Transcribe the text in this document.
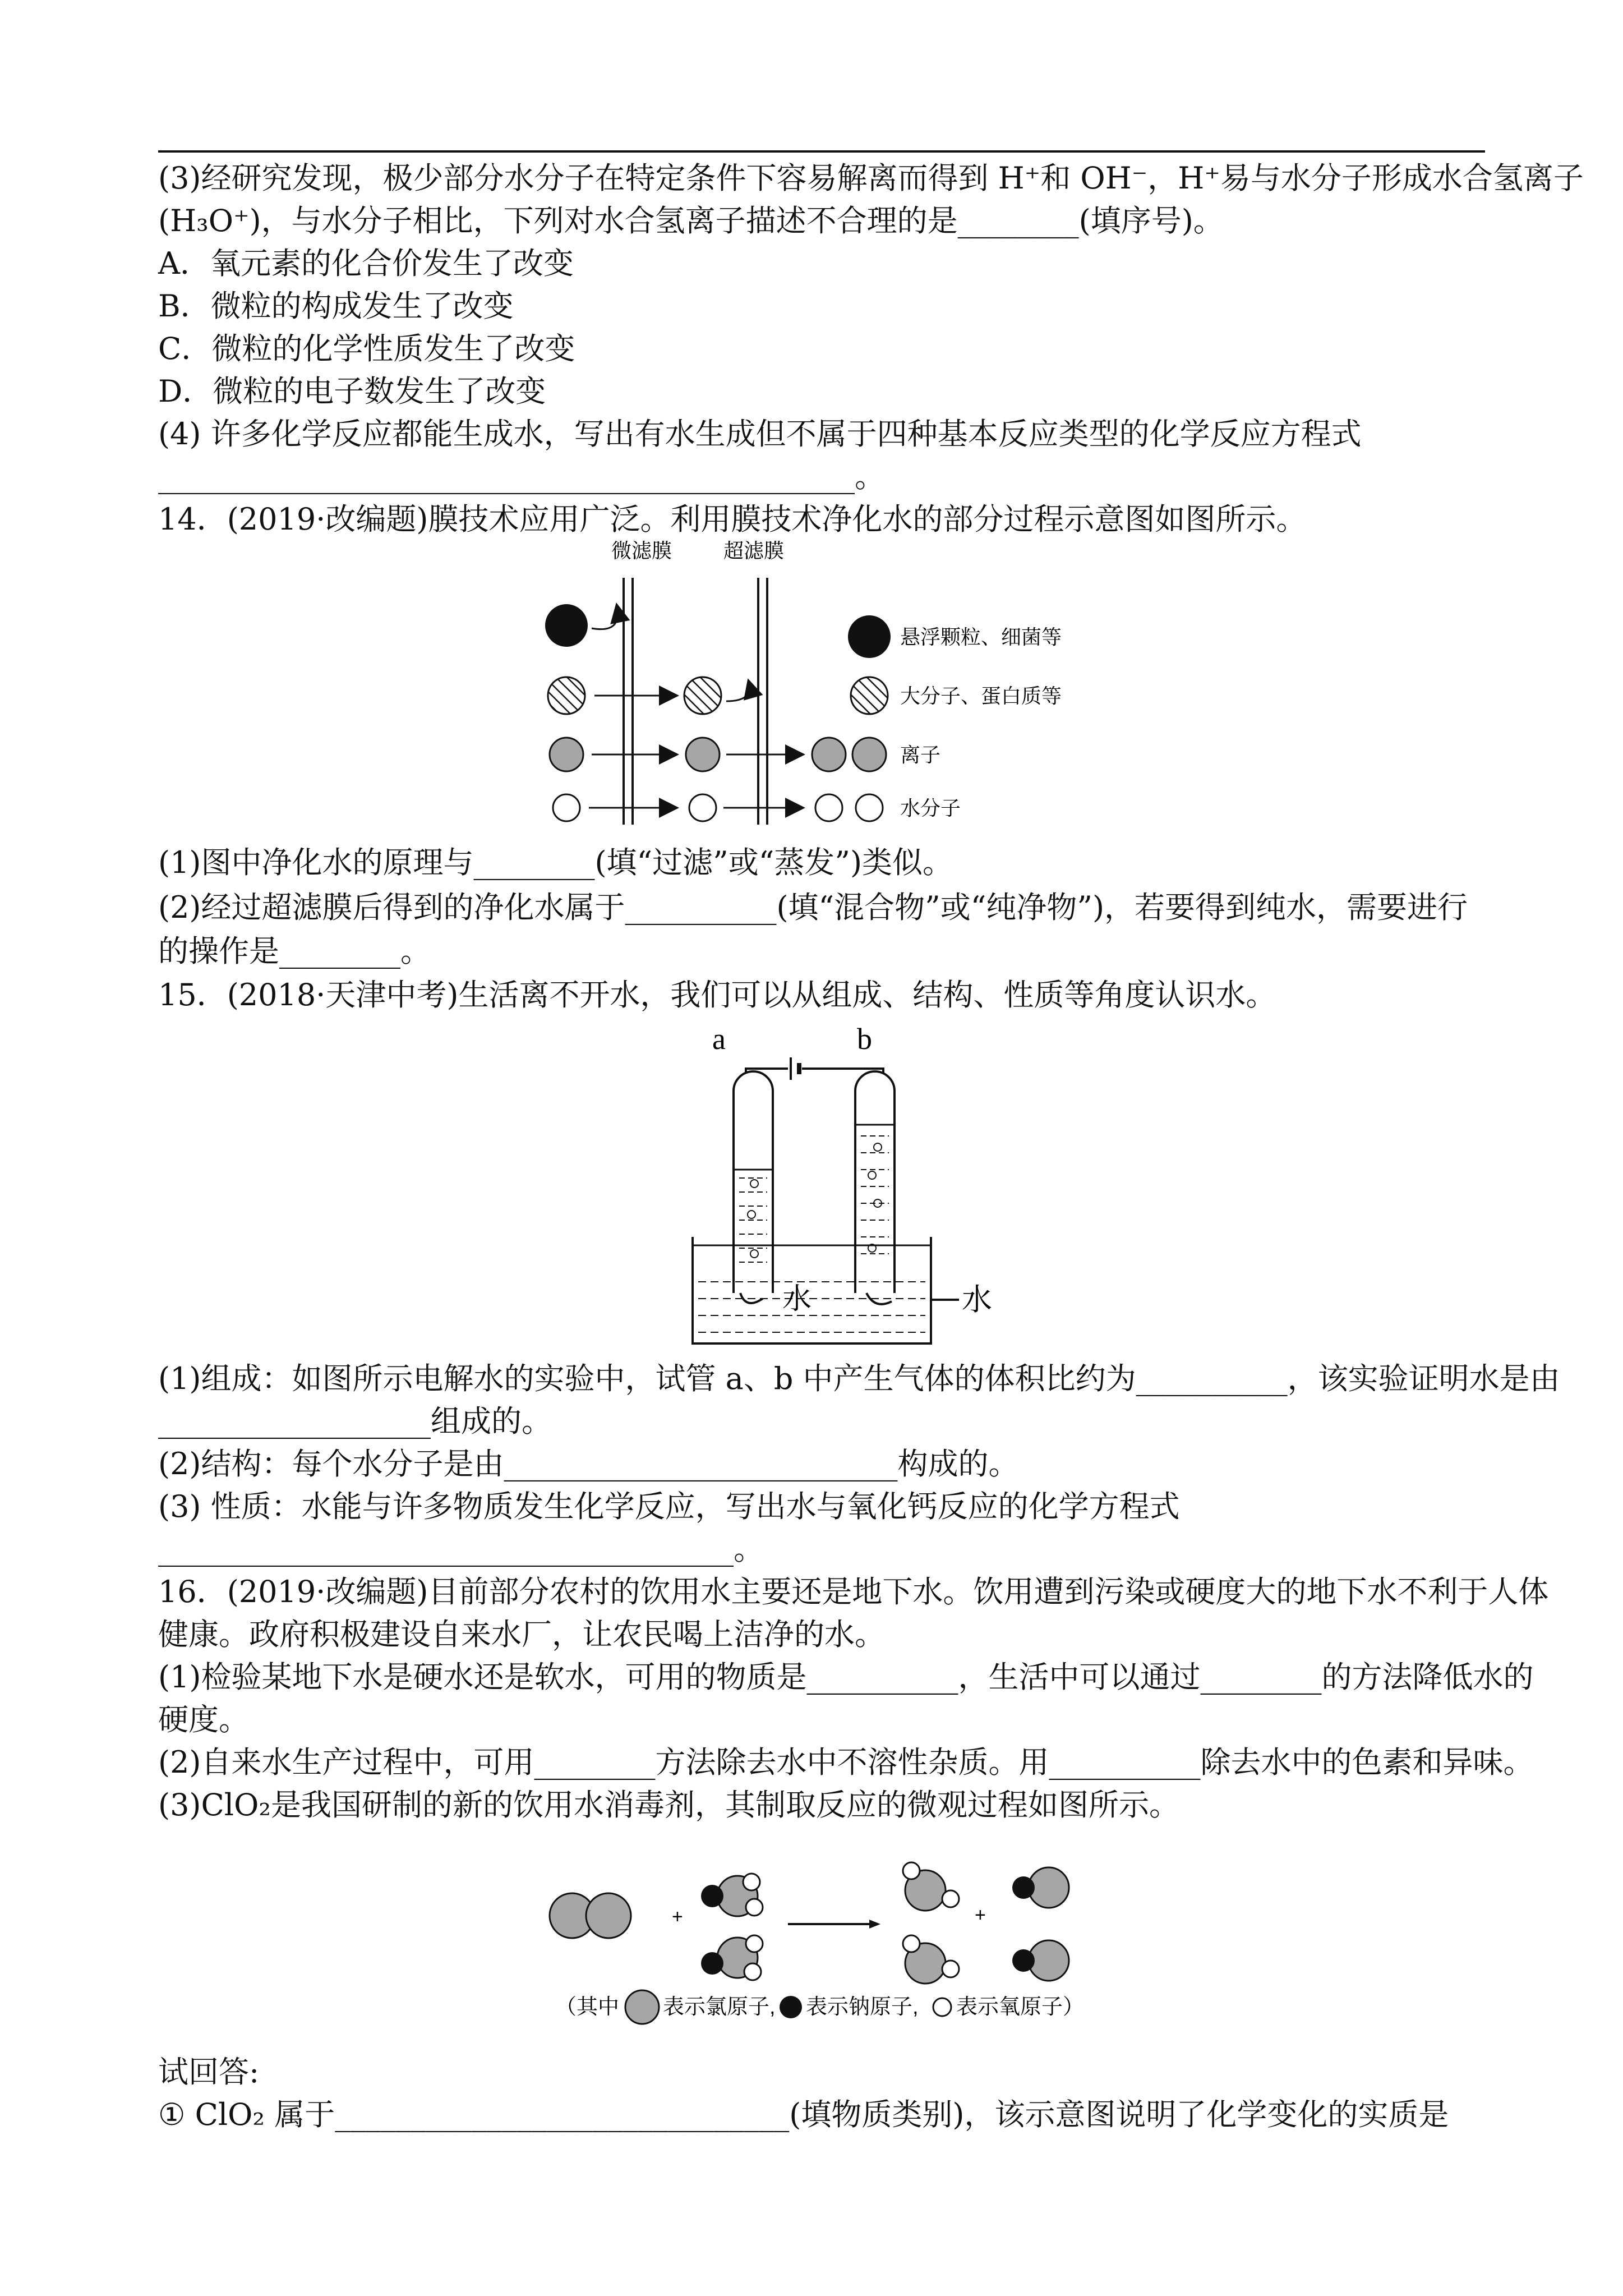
(3)经研究发现，极少部分水分子在特定条件下容易解离而得到 H⁺和 OH⁻，H⁺易与水分子形成水合氢离子
(H₃O⁺)，与水分子相比，下列对水合氢离子描述不合理的是________(填序号)。
A．氧元素的化合价发生了改变
B．微粒的构成发生了改变
C．微粒的化学性质发生了改变
D．微粒的电子数发生了改变
(4) 许多化学反应都能生成水，写出有水生成但不属于四种基本反应类型的化学反应方程式
______________________________________________。
14．(2019·改编题)膜技术应用广泛。利用膜技术净化水的部分过程示意图如图所示。
微滤膜	超滤膜
悬浮颗粒、细菌等
大分子、蛋白质等
离子
水分子
(1)图中净化水的原理与________(填“过滤”或“蒸发”)类似。
(2)经过超滤膜后得到的净化水属于__________(填“混合物”或“纯净物”)，若要得到纯水，需要进行
的操作是________。
15．(2018·天津中考)生活离不开水，我们可以从组成、结构、性质等角度认识水。
a	b
水	水
(1)组成：如图所示电解水的实验中，试管 a、b 中产生气体的体积比约为__________，该实验证明水是由
__________________组成的。
(2)结构：每个水分子是由__________________________构成的。
(3) 性质：水能与许多物质发生化学反应，写出水与氧化钙反应的化学方程式
______________________________________。
16．(2019·改编题)目前部分农村的饮用水主要还是地下水。饮用遭到污染或硬度大的地下水不利于人体
健康。政府积极建设自来水厂，让农民喝上洁净的水。
(1)检验某地下水是硬水还是软水，可用的物质是__________，生活中可以通过________的方法降低水的
硬度。
(2)自来水生产过程中，可用________方法除去水中不溶性杂质。用__________除去水中的色素和异味。
(3)ClO₂是我国研制的新的饮用水消毒剂，其制取反应的微观过程如图所示。
+	+
（其中 表示氯原子, 表示钠原子, 表示氧原子）
试回答:
① ClO₂ 属于______________________________(填物质类别)，该示意图说明了化学变化的实质是
